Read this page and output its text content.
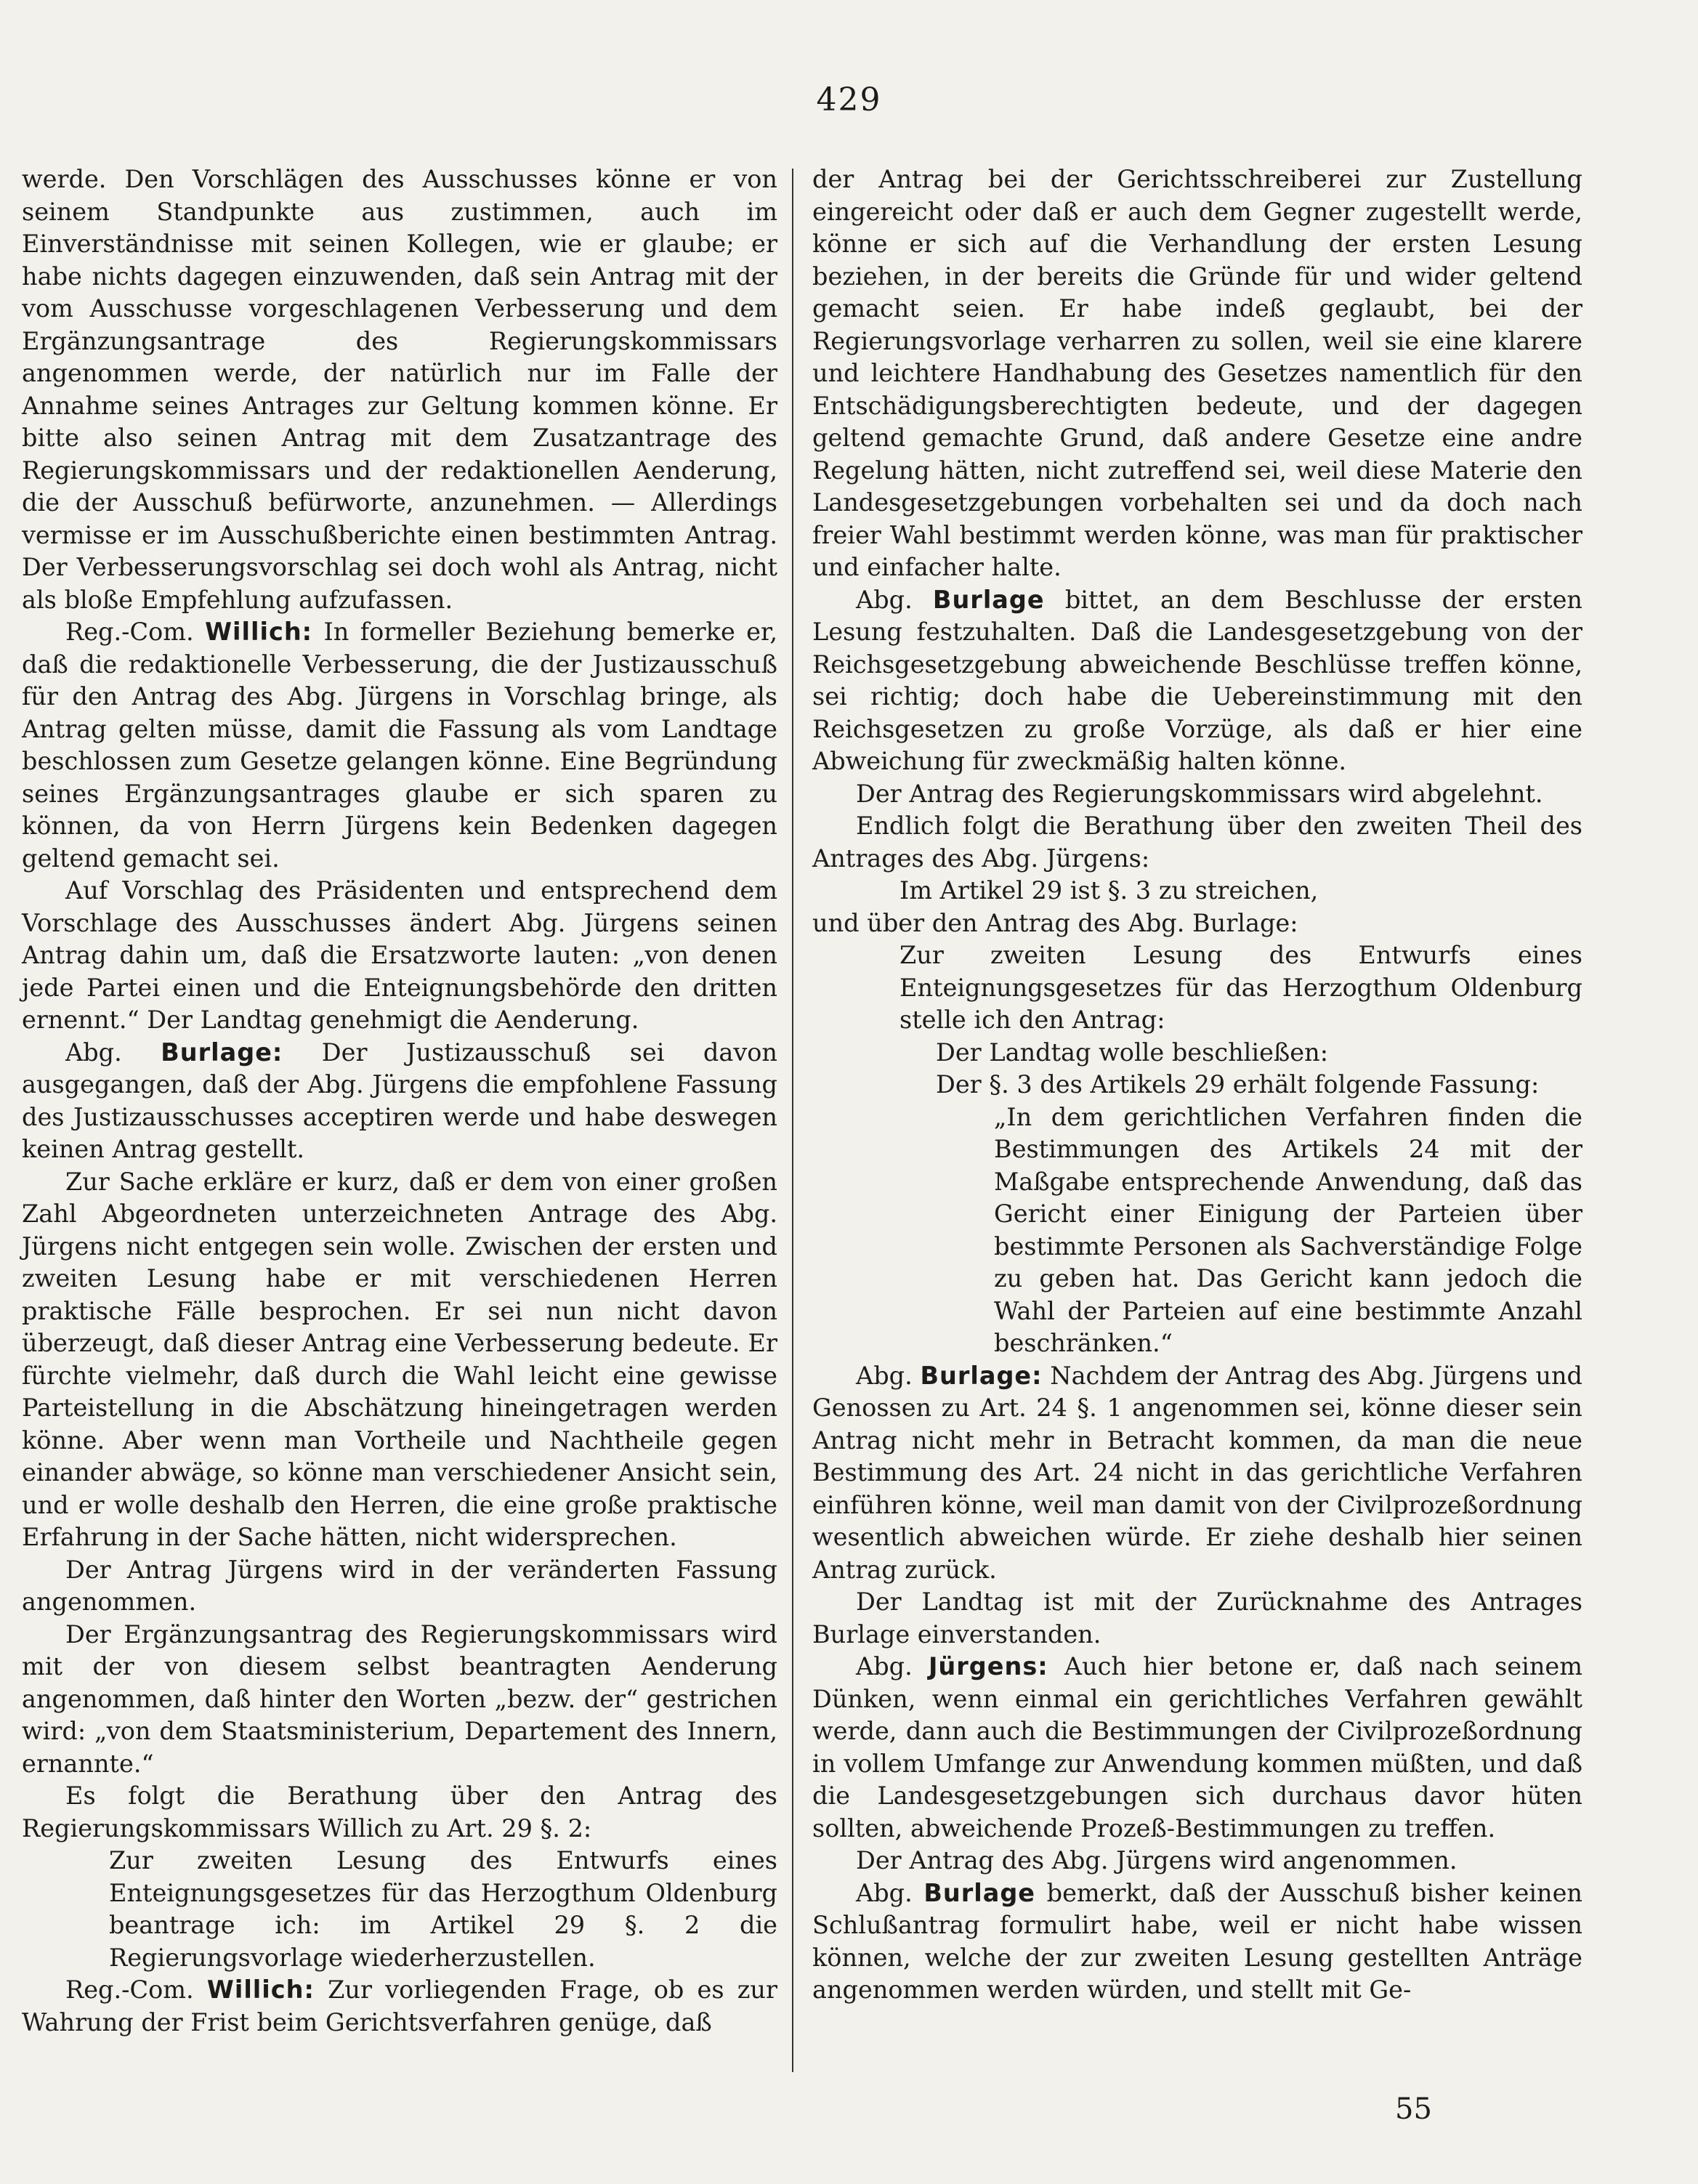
429

werde. Den Vorschlägen des Ausschusses könne er von seinem Standpunkte aus zustimmen, auch im Einverständnisse mit seinen Kollegen, wie er glaube; er habe nichts dagegen einzuwenden, daß sein Antrag mit der vom Ausschusse vorgeschlagenen Verbesserung und dem Ergänzungsantrage des Regierungskommissars angenommen werde, der natürlich nur im Falle der Annahme seines Antrages zur Geltung kommen könne. Er bitte also seinen Antrag mit dem Zusatzantrage des Regierungskommissars und der redaktionellen Aenderung, die der Ausschuß befürworte, anzunehmen. — Allerdings vermisse er im Ausschußberichte einen bestimmten Antrag. Der Verbesserungsvorschlag sei doch wohl als Antrag, nicht als bloße Empfehlung aufzufassen.

Reg.-Com. Willich: In formeller Beziehung bemerke er, daß die redaktionelle Verbesserung, die der Justizausschuß für den Antrag des Abg. Jürgens in Vorschlag bringe, als Antrag gelten müsse, damit die Fassung als vom Landtage beschlossen zum Gesetze gelangen könne. Eine Begründung seines Ergänzungsantrages glaube er sich sparen zu können, da von Herrn Jürgens kein Bedenken dagegen geltend gemacht sei.

Auf Vorschlag des Präsidenten und entsprechend dem Vorschlage des Ausschusses ändert Abg. Jürgens seinen Antrag dahin um, daß die Ersatzworte lauten: „von denen jede Partei einen und die Enteignungsbehörde den dritten ernennt.“ Der Landtag genehmigt die Aenderung.

Abg. Burlage: Der Justizausschuß sei davon ausgegangen, daß der Abg. Jürgens die empfohlene Fassung des Justizausschusses acceptiren werde und habe deswegen keinen Antrag gestellt.

Zur Sache erkläre er kurz, daß er dem von einer großen Zahl Abgeordneten unterzeichneten Antrage des Abg. Jürgens nicht entgegen sein wolle. Zwischen der ersten und zweiten Lesung habe er mit verschiedenen Herren praktische Fälle besprochen. Er sei nun nicht davon überzeugt, daß dieser Antrag eine Verbesserung bedeute. Er fürchte vielmehr, daß durch die Wahl leicht eine gewisse Parteistellung in die Abschätzung hineingetragen werden könne. Aber wenn man Vortheile und Nachtheile gegen einander abwäge, so könne man verschiedener Ansicht sein, und er wolle deshalb den Herren, die eine große praktische Erfahrung in der Sache hätten, nicht widersprechen.

Der Antrag Jürgens wird in der veränderten Fassung angenommen.

Der Ergänzungsantrag des Regierungskommissars wird mit der von diesem selbst beantragten Aenderung angenommen, daß hinter den Worten „bezw. der“ gestrichen wird: „von dem Staatsministerium, Departement des Innern, ernannte.“

Es folgt die Berathung über den Antrag des Regierungskommissars Willich zu Art. 29 §. 2:

Zur zweiten Lesung des Entwurfs eines Enteignungsgesetzes für das Herzogthum Oldenburg beantrage ich: im Artikel 29 §. 2 die Regierungsvorlage wiederherzustellen.

Reg.-Com. Willich: Zur vorliegenden Frage, ob es zur Wahrung der Frist beim Gerichtsverfahren genüge, daß

der Antrag bei der Gerichtsschreiberei zur Zustellung eingereicht oder daß er auch dem Gegner zugestellt werde, könne er sich auf die Verhandlung der ersten Lesung beziehen, in der bereits die Gründe für und wider geltend gemacht seien. Er habe indeß geglaubt, bei der Regierungsvorlage verharren zu sollen, weil sie eine klarere und leichtere Handhabung des Gesetzes namentlich für den Entschädigungsberechtigten bedeute, und der dagegen geltend gemachte Grund, daß andere Gesetze eine andre Regelung hätten, nicht zutreffend sei, weil diese Materie den Landesgesetzgebungen vorbehalten sei und da doch nach freier Wahl bestimmt werden könne, was man für praktischer und einfacher halte.

Abg. Burlage bittet, an dem Beschlusse der ersten Lesung festzuhalten. Daß die Landesgesetzgebung von der Reichsgesetzgebung abweichende Beschlüsse treffen könne, sei richtig; doch habe die Uebereinstimmung mit den Reichsgesetzen zu große Vorzüge, als daß er hier eine Abweichung für zweckmäßig halten könne.

Der Antrag des Regierungskommissars wird abgelehnt.

Endlich folgt die Berathung über den zweiten Theil des Antrages des Abg. Jürgens:

Im Artikel 29 ist §. 3 zu streichen,

und über den Antrag des Abg. Burlage:

Zur zweiten Lesung des Entwurfs eines Enteignungsgesetzes für das Herzogthum Oldenburg stelle ich den Antrag:

Der Landtag wolle beschließen:

Der §. 3 des Artikels 29 erhält folgende Fassung:

„In dem gerichtlichen Verfahren finden die Bestimmungen des Artikels 24 mit der Maßgabe entsprechende Anwendung, daß das Gericht einer Einigung der Parteien über bestimmte Personen als Sachverständige Folge zu geben hat. Das Gericht kann jedoch die Wahl der Parteien auf eine bestimmte Anzahl beschränken.“

Abg. Burlage: Nachdem der Antrag des Abg. Jürgens und Genossen zu Art. 24 §. 1 angenommen sei, könne dieser sein Antrag nicht mehr in Betracht kommen, da man die neue Bestimmung des Art. 24 nicht in das gerichtliche Verfahren einführen könne, weil man damit von der Civilprozeßordnung wesentlich abweichen würde. Er ziehe deshalb hier seinen Antrag zurück.

Der Landtag ist mit der Zurücknahme des Antrages Burlage einverstanden.

Abg. Jürgens: Auch hier betone er, daß nach seinem Dünken, wenn einmal ein gerichtliches Verfahren gewählt werde, dann auch die Bestimmungen der Civilprozeßordnung in vollem Umfange zur Anwendung kommen müßten, und daß die Landesgesetzgebungen sich durchaus davor hüten sollten, abweichende Prozeß-Bestimmungen zu treffen.

Der Antrag des Abg. Jürgens wird angenommen.

Abg. Burlage bemerkt, daß der Ausschuß bisher keinen Schlußantrag formulirt habe, weil er nicht habe wissen können, welche der zur zweiten Lesung gestellten Anträge angenommen werden würden, und stellt mit Ge-

55
